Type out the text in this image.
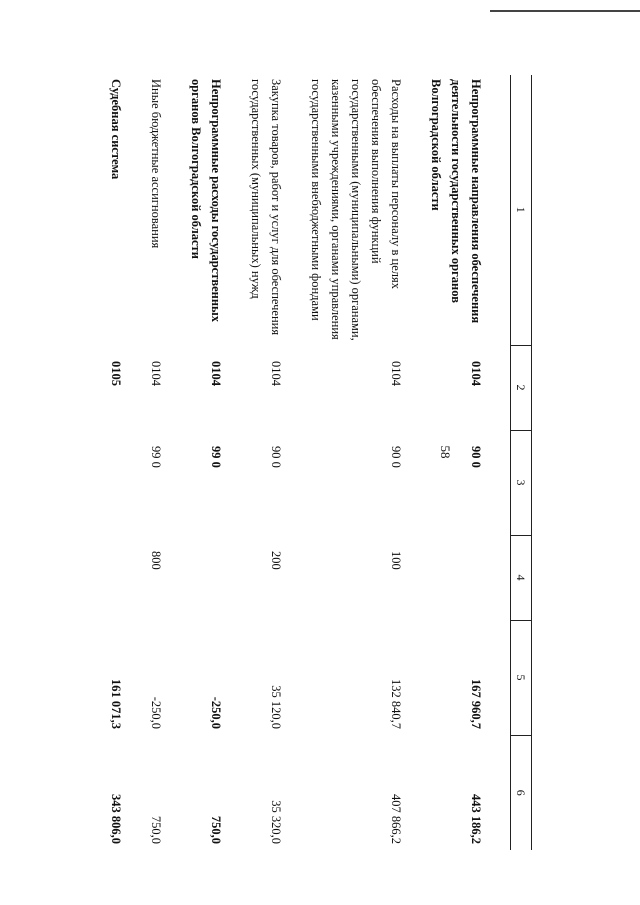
58
1	2	3	4	5	6
Непрограммные направления обеспечения деятельности государственных органов Волгоградской области	0104	90 0		167 960,7	443 186,2
Расходы на выплаты персоналу в целях обеспечения выполнения функций государственными (муниципальными) органами, казенными учреждениями, органами управления государственными внебюджетными фондами	0104	90 0	100	132 840,7	407 866,2
Закупка товаров, работ и услуг для обеспечения государственных (муниципальных) нужд	0104	90 0	200	35 120,0	35 320,0
Непрограммные расходы государственных органов Волгоградской области	0104	99 0		-250,0	750,0
Иные бюджетные ассигнования	0104	99 0	800	-250,0	750,0
Судебная система	0105			161 071,3	343 806,0
